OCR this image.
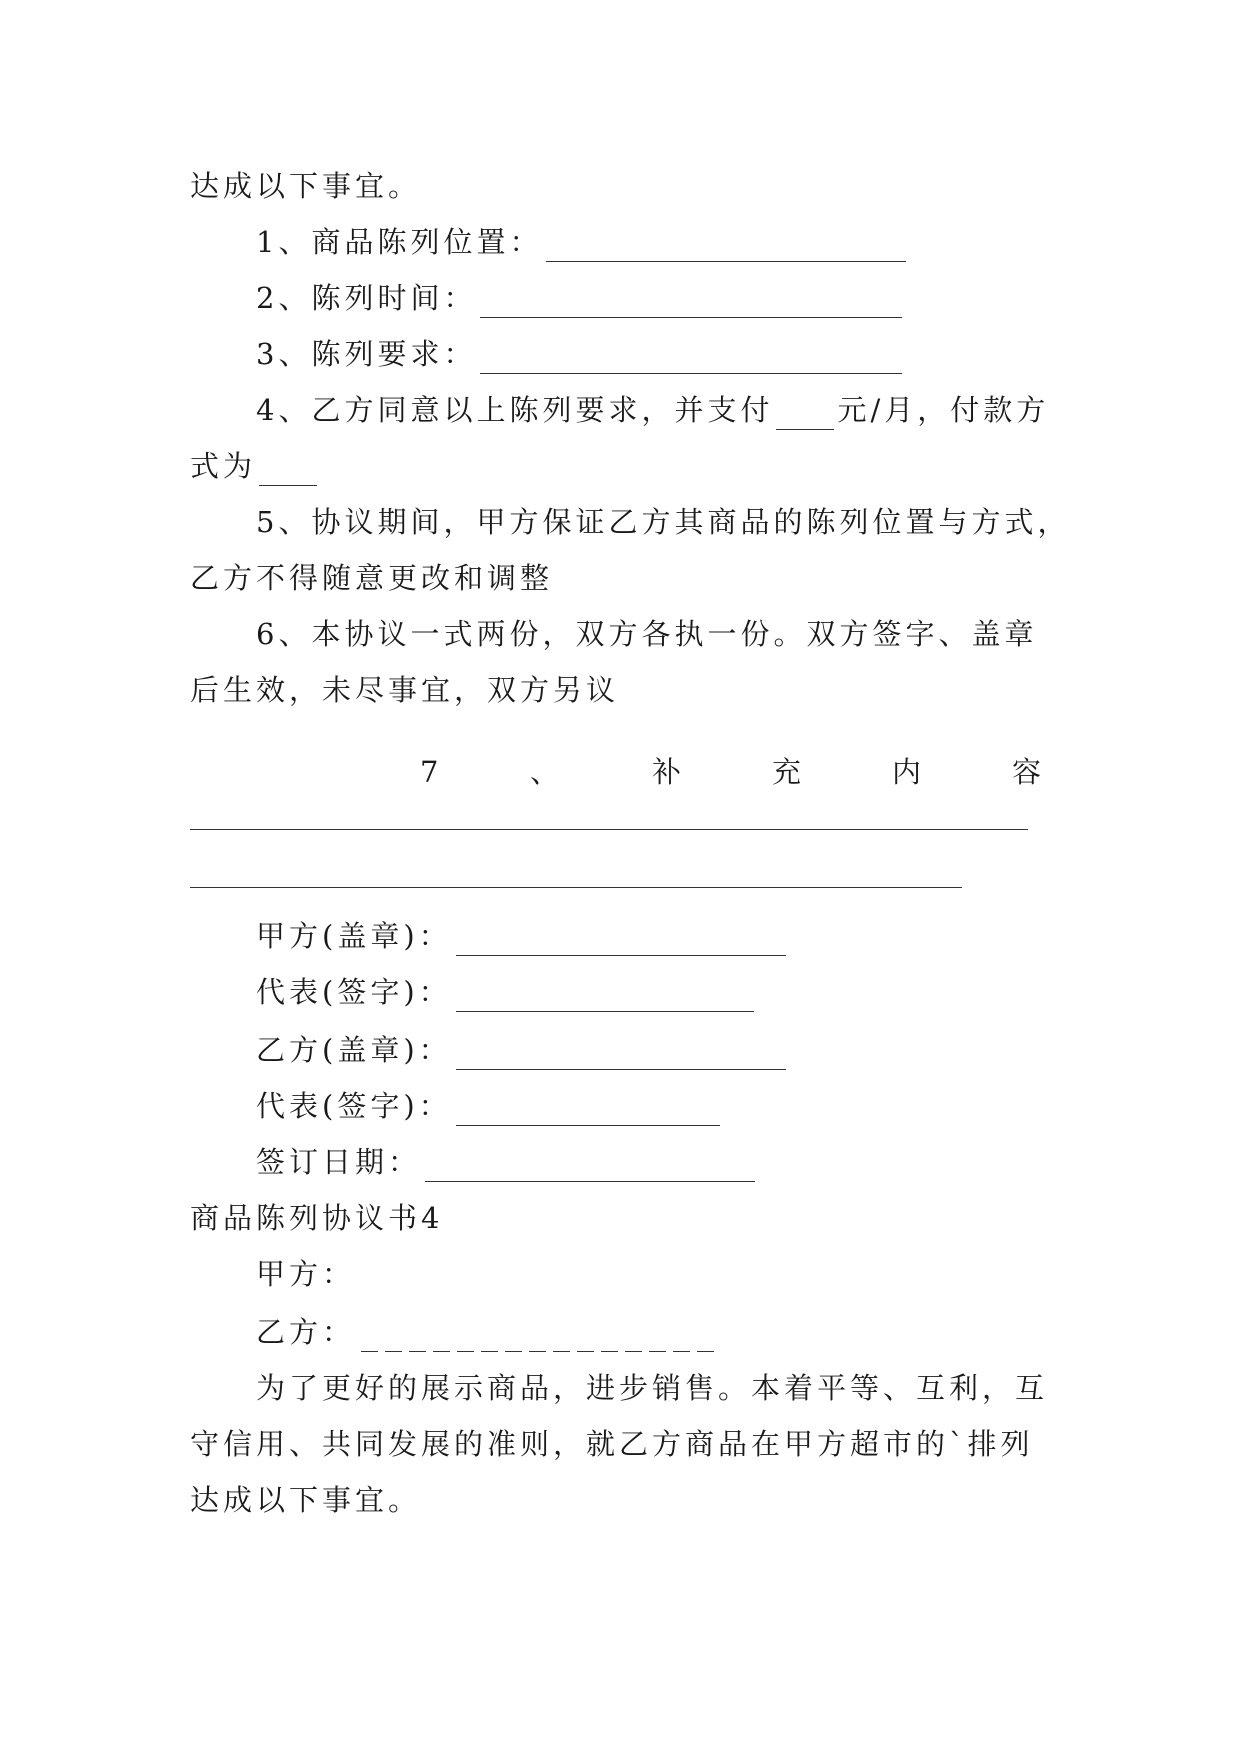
达成以下事宜。
1、商品陈列位置：
2、陈列时间：
3、陈列要求：
4、乙方同意以上陈列要求，并支付 元/月，付款方
式为
5、协议期间，甲方保证乙方其商品的陈列位置与方式，
乙方不得随意更改和调整
6、本协议一式两份，双方各执一份。双方签字、盖章
后生效，未尽事宜，双方另议
7	、	补	充	内	容
甲方(盖章)：
代表(签字)：
乙方(盖章)：
代表(签字)：
签订日期：
商品陈列协议书4
甲方：
乙方：
为了更好的展示商品，进步销售。本着平等、互利，互
守信用、共同发展的准则，就乙方商品在甲方超市的`排列
达成以下事宜。
